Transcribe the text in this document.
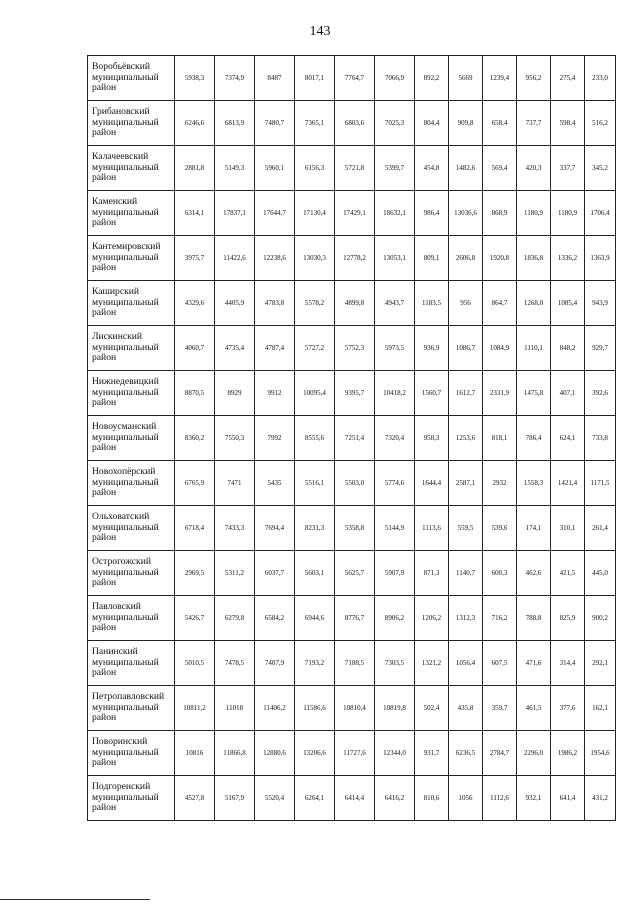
143
Воробьёвский
муниципальный
район	5938,3	7374,9	8487	8017,1	7764,7	7066,9	892,2	5669	1239,4	956,2	275,4	233,0

Грибановский
муниципальный
район	6246,6	6813,9	7480,7	7365,1	6803,6	7025,3	804,4	909,8	658,4	737,7	598,4	516,2

Калачеевский
муниципальный
район	2881,8	5149,3	5960,1	6156,3	5721,8	5399,7	454,8	1482,6	569,4	420,3	337,7	345,2

Каменский
муниципальный
район	6314,1	17837,1	17644,7	17130,4	17429,1	18632,1	986,4	13036,6	868,9	1180,9	1180,9	1706,4

Кантемировский
муниципальный
район	3975,7	11422,6	12238,6	13030,3	12778,2	13053,1	809,1	2606,8	1920,8	1836,8	1336,2	1363,9

Каширский
муниципальный
район	4329,6	4405,9	4783,8	5578,2	4899,8	4943,7	1183,5	956	864,7	1268,0	1085,4	943,9

Лискинский
муниципальный
район	4060,7	4735,4	4787,4	5727,2	5752,3	5973,5	936,9	1086,7	1084,9	1110,1	848,2	929,7

Нижнедевицкий
муниципальный
район	8870,5	8929	9912	10095,4	9395,7	10418,2	1560,7	1612,7	2331,9	1475,8	407,1	392,6

Новоусманский
муниципальный
район	8360,2	7550,3	7992	8555,6	7251,4	7320,4	958,3	1253,6	818,1	786,4	624,1	733,8

Новохопёрский
муниципальный
район	6765,9	7471	5435	5516,1	5503,0	5774,6	1644,4	2587,1	2932	1558,3	1421,4	1171,5

Ольховатский
муниципальный
район	6718,4	7433,3	7694,4	8231,3	5358,8	5144,9	1113,6	559,5	539,6	174,1	310,1	261,4

Острогожский
муниципальный
район	2969,5	5311,2	6037,7	5603,1	5625,7	5907,9	871,3	1140,7	600,3	462,6	421,5	445,0

Павловский
муниципальный
район	5426,7	6279,8	6584,2	6944,6	8776,7	8906,2	1206,2	1312,3	716,2	788,8	825,9	900,2

Панинский
муниципальный
район	5010,5	7478,5	7407,9	7193,2	7188,5	7303,5	1321,2	1056,4	607,5	471,6	314,4	292,1

Петропавловский
муниципальный
район	10811,2	11018	11406,2	11586,6	10810,4	10819,8	502,4	435,8	359,7	461,5	377,6	162,1

Поворинский
муниципальный
район	10816	11866,8	12880,6	13206,6	11727,6	12344,0	931,7	6236,5	2784,7	2296,0	1986,2	1954,6

Подгоренский
муниципальный
район	4527,8	5167,9	5520,4	6264,1	6414,4	6416,2	810,6	1056	1112,6	932,1	641,4	431,2
